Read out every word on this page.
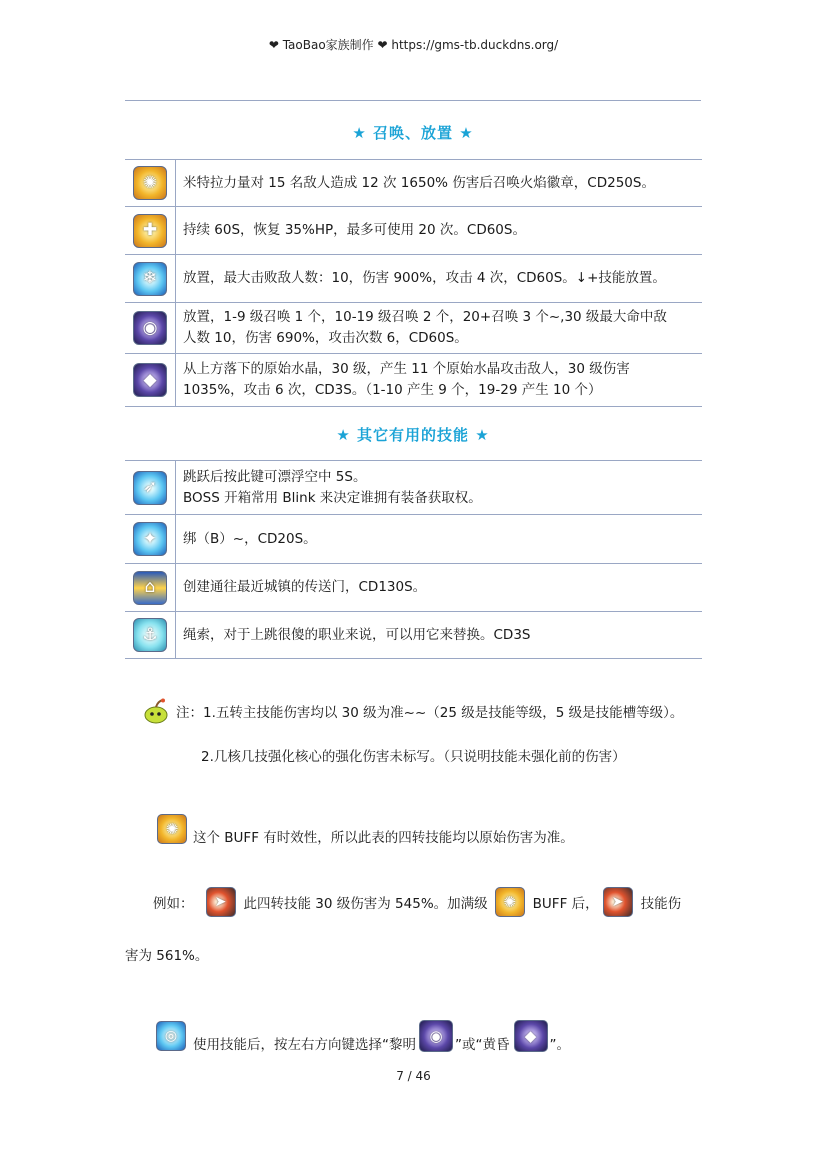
❤ TaoBao家族制作 ❤ https://gms-tb.duckdns.org/
★ 召唤、放置 ★
✺ 米特拉力量对 15 名敌人造成 12 次 1650% 伤害后召唤火焰徽章，CD250S。
✚ 持续 60S，恢复 35%HP，最多可使用 20 次。CD60S。
❄ 放置，最大击败敌人数：10，伤害 900%，攻击 4 次，CD60S。↓+技能放置。
◉
放置，1-9 级召唤 1 个，10-19 级召唤 2 个，20+召唤 3 个~,30 级最大命中敌
人数 10，伤害 690%，攻击次数 6，CD60S。
◆
从上方落下的原始水晶，30 级，产生 11 个原始水晶攻击敌人，30 级伤害
1035%，攻击 6 次，CD3S。（1-10 产生 9 个，19-29 产生 10 个）
★ 其它有用的技能 ★
➶
跳跃后按此键可漂浮空中 5S。
BOSS 开箱常用 Blink 来决定谁拥有装备获取权。
✦ 绑（B）~，CD20S。
⌂ 创建通往最近城镇的传送门，CD130S。
⚓ 绳索，对于上跳很傻的职业来说，可以用它来替换。CD3S
注：1.五转主技能伤害均以 30 级为准~~（25 级是技能等级，5 级是技能槽等级）。
2.几核几技强化核心的强化伤害未标写。（只说明技能未强化前的伤害）
✺
这个 BUFF 有时效性，所以此表的四转技能均以原始伤害为准。
例如： ➤ 此四转技能 30 级伤害为 545%。加满级 ✺ BUFF 后， ➤ 技能伤
害为 561%。
◎
使用技能后，按左右方向键选择“黎明
◉
”或“黄昏
◆
”。
7 / 46
